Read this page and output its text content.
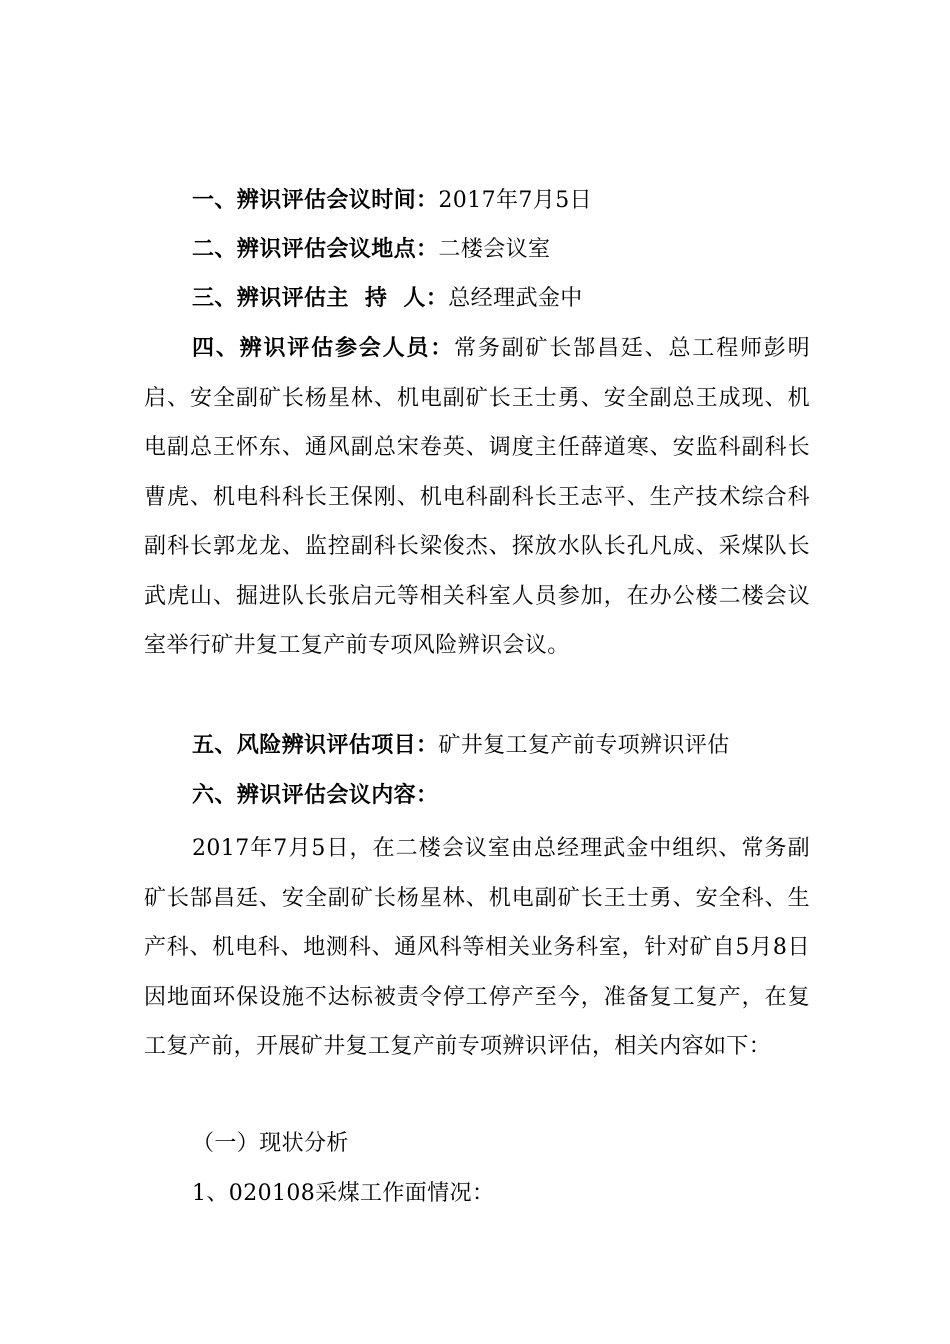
一、辨识评估会议时间：2017年7月5日
二、辨识评估会议地点：二楼会议室
三、辨识评估主  持  人：总经理武金中
四、辨识评估参会人员：常务副矿长郜昌廷、总工程师彭明启、安全副矿长杨星林、机电副矿长王士勇、安全副总王成现、机电副总王怀东、通风副总宋卷英、调度主任薛道寒、安监科副科长曹虎、机电科科长王保刚、机电科副科长王志平、生产技术综合科副科长郭龙龙、监控副科长梁俊杰、探放水队长孔凡成、采煤队长武虎山、掘进队长张启元等相关科室人员参加，在办公楼二楼会议室举行矿井复工复产前专项风险辨识会议。
五、风险辨识评估项目：矿井复工复产前专项辨识评估
六、辨识评估会议内容：
2017年7月5日，在二楼会议室由总经理武金中组织、常务副矿长郜昌廷、安全副矿长杨星林、机电副矿长王士勇、安全科、生产科、机电科、地测科、通风科等相关业务科室，针对矿自5月8日因地面环保设施不达标被责令停工停产至今，准备复工复产，在复工复产前，开展矿井复工复产前专项辨识评估，相关内容如下：
（一）现状分析
1、020108采煤工作面情况：
